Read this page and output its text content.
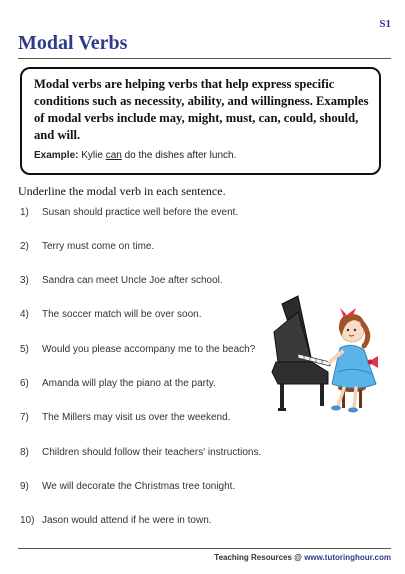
S1
Modal Verbs

Modal verbs are helping verbs that help express specific conditions such as necessity, ability, and willingness. Examples of modal verbs include may, might, must, can, could, should, and will.

Example: Kylie can do the dishes after lunch.

Underline the modal verb in each sentence.

1) Susan should practice well before the event.
2) Terry must come on time.
3) Sandra can meet Uncle Joe after school.
4) The soccer match will be over soon.
5) Would you please accompany me to the beach?
6) Amanda will play the piano at the party.
7) The Millers may visit us over the weekend.
8) Children should follow their teachers' instructions.
9) We will decorate the Christmas tree tonight.
10) Jason would attend if he were in town.
Teaching Resources @ www.tutoringhour.com
